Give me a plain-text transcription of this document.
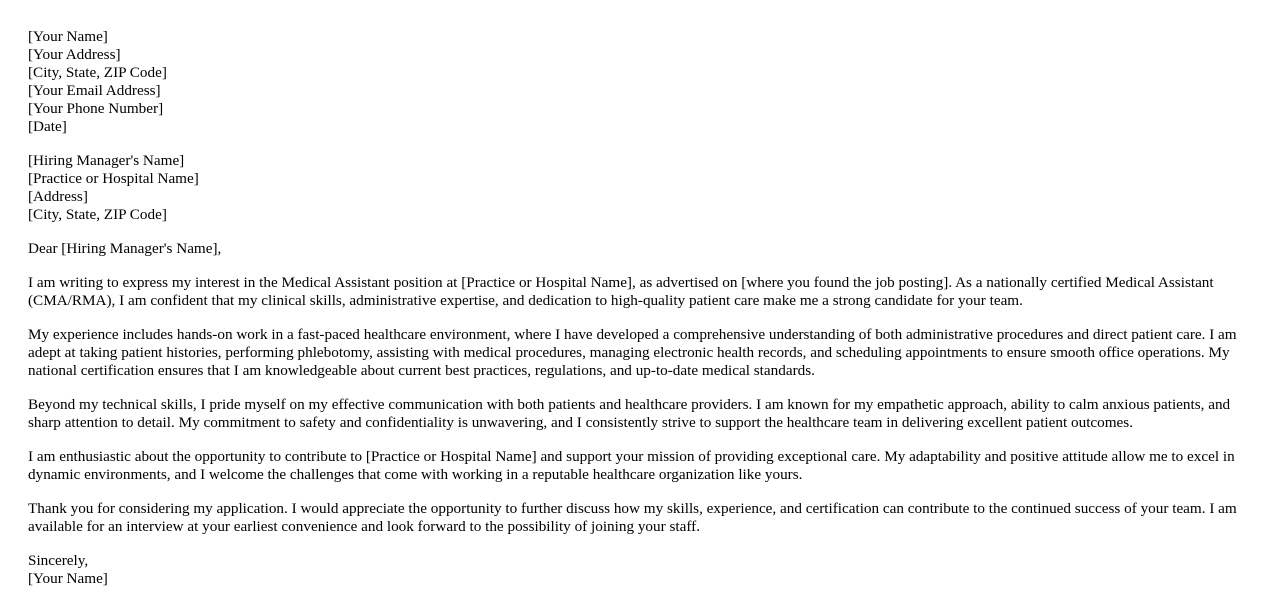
[Your Name]
[Your Address]
[City, State, ZIP Code]
[Your Email Address]
[Your Phone Number]
[Date]
[Hiring Manager's Name]
[Practice or Hospital Name]
[Address]
[City, State, ZIP Code]

Dear [Hiring Manager's Name],

I am writing to express my interest in the Medical Assistant position at [Practice or Hospital Name], as advertised on [where you found the job posting]. As a nationally certified Medical Assistant (CMA/RMA), I am confident that my clinical skills, administrative expertise, and dedication to high-quality patient care make me a strong candidate for your team.

My experience includes hands-on work in a fast-paced healthcare environment, where I have developed a comprehensive understanding of both administrative procedures and direct patient care. I am adept at taking patient histories, performing phlebotomy, assisting with medical procedures, managing electronic health records, and scheduling appointments to ensure smooth office operations. My national certification ensures that I am knowledgeable about current best practices, regulations, and up-to-date medical standards.

Beyond my technical skills, I pride myself on my effective communication with both patients and healthcare providers. I am known for my empathetic approach, ability to calm anxious patients, and sharp attention to detail. My commitment to safety and confidentiality is unwavering, and I consistently strive to support the healthcare team in delivering excellent patient outcomes.

I am enthusiastic about the opportunity to contribute to [Practice or Hospital Name] and support your mission of providing exceptional care. My adaptability and positive attitude allow me to excel in dynamic environments, and I welcome the challenges that come with working in a reputable healthcare organization like yours.

Thank you for considering my application. I would appreciate the opportunity to further discuss how my skills, experience, and certification can contribute to the continued success of your team. I am available for an interview at your earliest convenience and look forward to the possibility of joining your staff.

Sincerely,
[Your Name]
